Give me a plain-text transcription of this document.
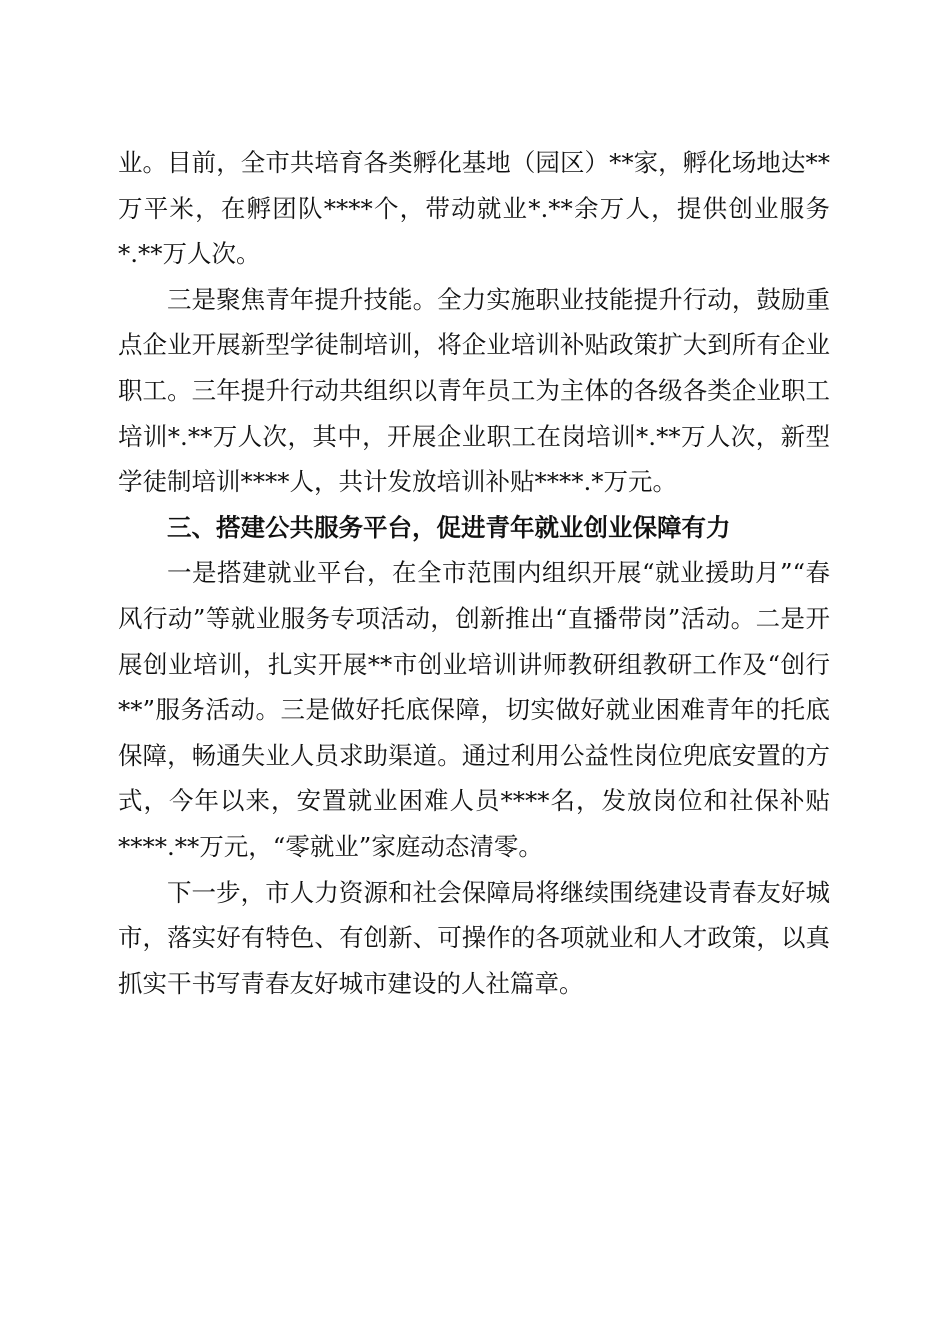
业。目前，全市共培育各类孵化基地（园区）**家，孵化场地达**万平米，在孵团队****个，带动就业*.**余万人，提供创业服务*.**万人次。

三是聚焦青年提升技能。全力实施职业技能提升行动，鼓励重点企业开展新型学徒制培训，将企业培训补贴政策扩大到所有企业职工。三年提升行动共组织以青年员工为主体的各级各类企业职工培训*.**万人次，其中，开展企业职工在岗培训*.**万人次，新型学徒制培训****人，共计发放培训补贴****.*万元。

三、搭建公共服务平台，促进青年就业创业保障有力

一是搭建就业平台，在全市范围内组织开展“就业援助月”“春风行动”等就业服务专项活动，创新推出“直播带岗”活动。二是开展创业培训，扎实开展**市创业培训讲师教研组教研工作及“创行**”服务活动。三是做好托底保障，切实做好就业困难青年的托底保障，畅通失业人员求助渠道。通过利用公益性岗位兜底安置的方式，今年以来，安置就业困难人员****名，发放岗位和社保补贴****.**万元，“零就业”家庭动态清零。

下一步，市人力资源和社会保障局将继续围绕建设青春友好城市，落实好有特色、有创新、可操作的各项就业和人才政策，以真抓实干书写青春友好城市建设的人社篇章。
